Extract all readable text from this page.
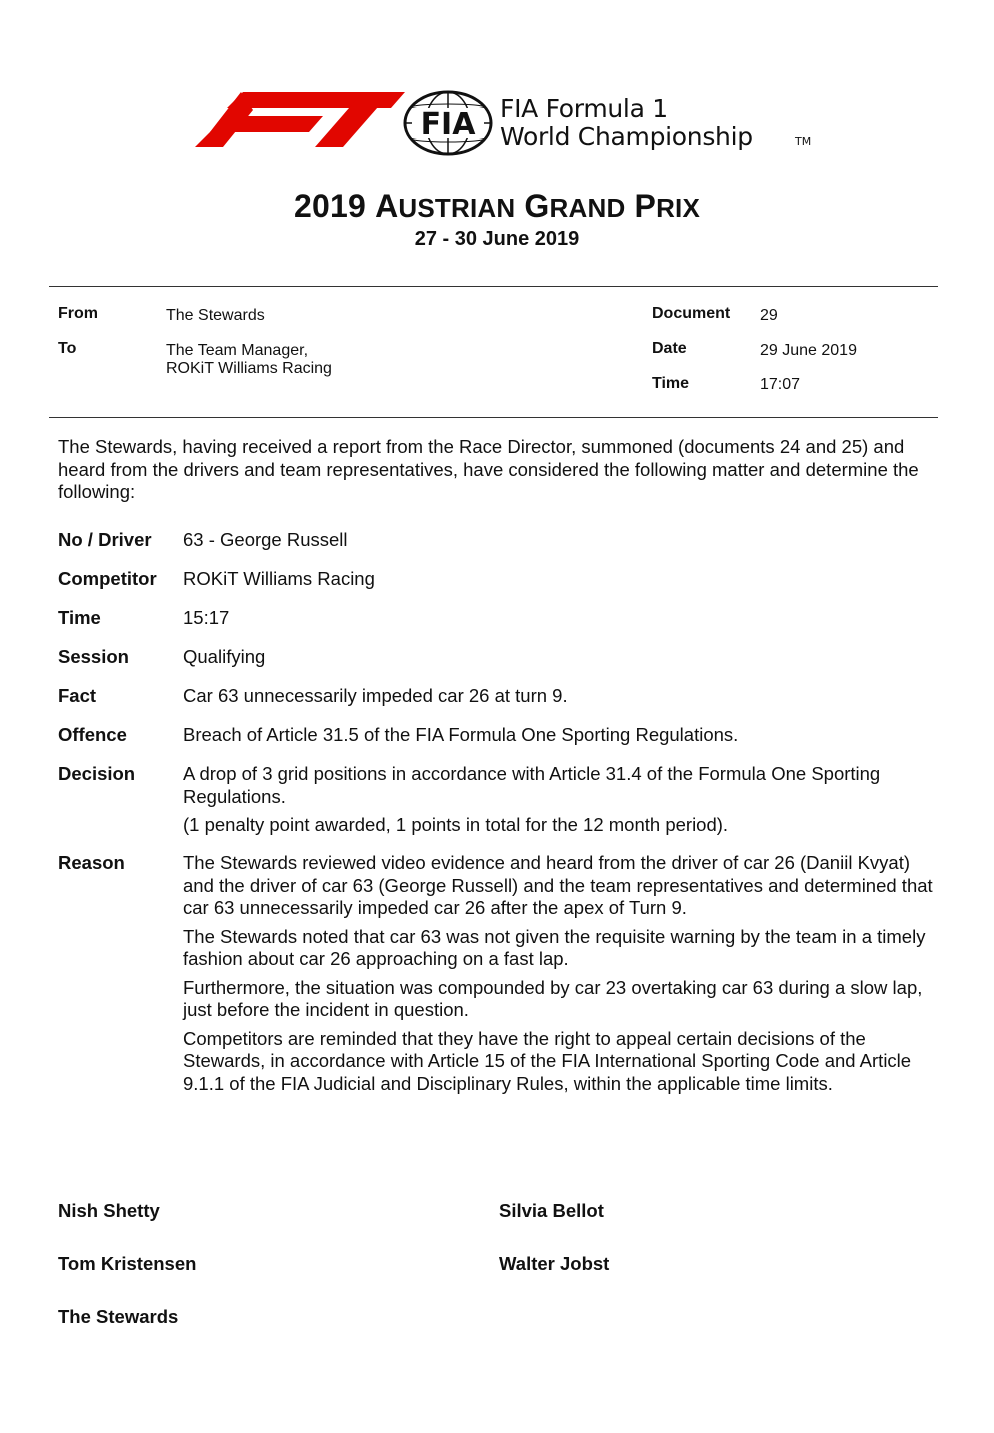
FIA FIA Formula 1
World Championship	TM
2019 AUSTRIAN GRAND PRIX
27 - 30 June 2019
From	The Stewards
To	The Team Manager,
ROKiT Williams Racing
Document 29
Date	29 June 2019
Time	17:07
The Stewards, having received a report from the Race Director, summoned (documents 24 and 25) and heard from the drivers and team representatives, have considered the following matter and determine the following:
No / Driver 63 - George Russell
Competitor ROKiT Williams Racing
Time	15:17
Session	Qualifying
Fact	Car 63 unnecessarily impeded car 26 at turn 9.
Offence	Breach of Article 31.5 of the FIA Formula One Sporting Regulations.
Decision	A drop of 3 grid positions in accordance with Article 31.4 of the Formula One Sporting Regulations.

(1 penalty point awarded, 1 points in total for the 12 month period).

Reason	The Stewards reviewed video evidence and heard from the driver of car 26 (Daniil Kvyat) and the driver of car 63 (George Russell) and the team representatives and determined that car 63 unnecessarily impeded car 26 after the apex of Turn 9.

The Stewards noted that car 63 was not given the requisite warning by the team in a timely fashion about car 26 approaching on a fast lap.

Furthermore, the situation was compounded by car 23 overtaking car 63 during a slow lap, just before the incident in question.

Competitors are reminded that they have the right to appeal certain decisions of the Stewards, in accordance with Article 15 of the FIA International Sporting Code and Article 9.1.1 of the FIA Judicial and Disciplinary Rules, within the applicable time limits.

Nish Shetty	Silvia Bellot
Tom Kristensen	Walter Jobst
The Stewards
